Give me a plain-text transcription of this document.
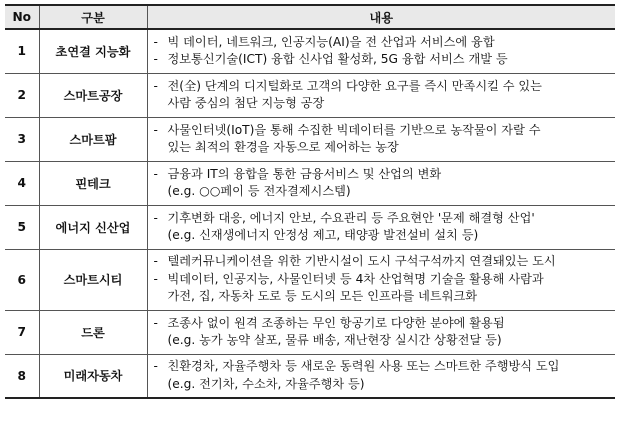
No	구분	내용
1	초연결 지능화	- 빅 데이터, 네트워크, 인공지능(AI)을 전 산업과 서비스에 융합
- 정보통신기술(ICT) 융합 신사업 활성화, 5G 융합 서비스 개발 등

2	스마트공장	- 전(全) 단계의 디지털화로 고객의 다양한 요구를 즉시 만족시킬 수 있는
사람 중심의 첨단 지능형 공장

3	스마트팜	- 사물인터넷(IoT)을 통해 수집한 빅데이터를 기반으로 농작물이 자랄 수
있는 최적의 환경을 자동으로 제어하는 농장

4	핀테크	- 금융과 IT의 융합을 통한 금융서비스 및 산업의 변화
(e.g. ○○페이 등 전자결제시스템)

5	에너지 신산업	- 기후변화 대응, 에너지 안보, 수요관리 등 주요현안 '문제 해결형 산업'
(e.g. 신재생에너지 안정성 제고, 태양광 발전설비 설치 등)

6	스마트시티	- 텔레커뮤니케이션을 위한 기반시설이 도시 구석구석까지 연결돼있는 도시
- 빅데이터, 인공지능, 사물인터넷 등 4차 산업혁명 기술을 활용해 사람과
가전, 집, 자동차 도로 등 도시의 모든 인프라를 네트워크화

7	드론	- 조종사 없이 원격 조종하는 무인 항공기로 다양한 분야에 활용됨
(e.g. 농가 농약 살포, 물류 배송, 재난현장 실시간 상황전달 등)

8	미래자동차	- 친환경차, 자율주행차 등 새로운 동력원 사용 또는 스마트한 주행방식 도입
(e.g. 전기차, 수소차, 자율주행차 등)
